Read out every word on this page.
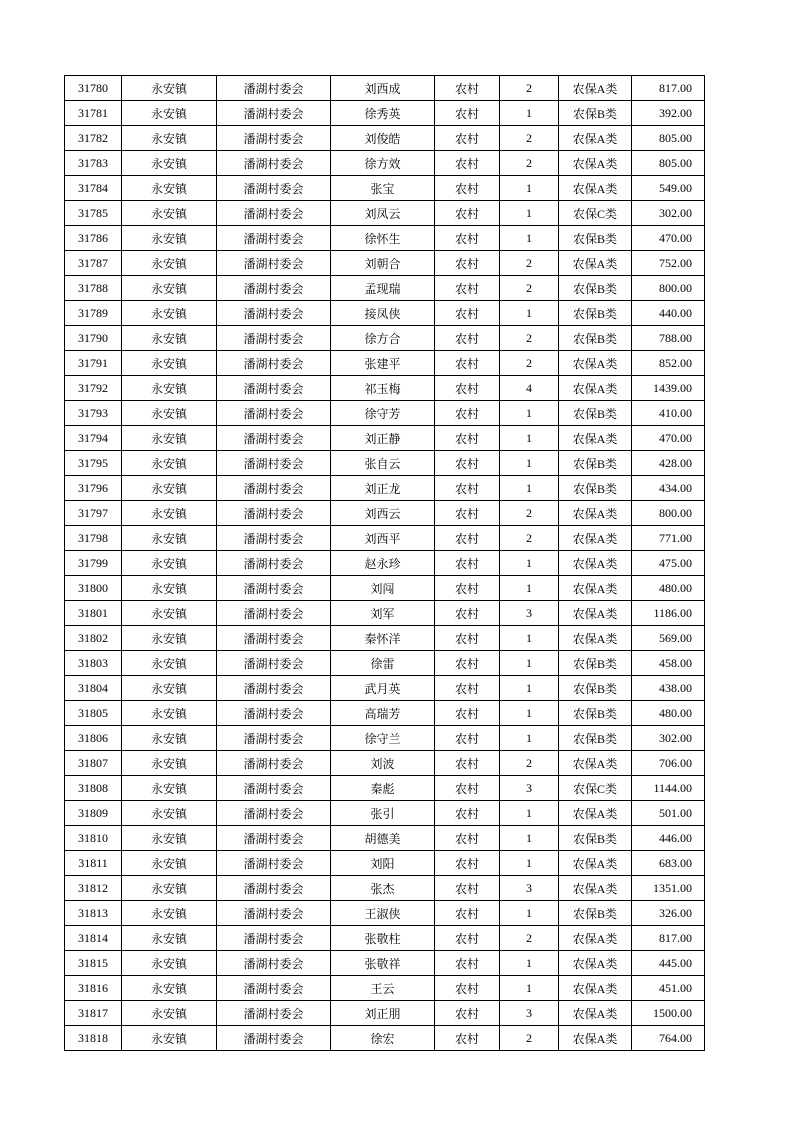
31780	永安镇	潘湖村委会	刘西成	农村	2	农保A类	817.00
31781	永安镇	潘湖村委会	徐秀英	农村	1	农保B类	392.00
31782	永安镇	潘湖村委会	刘俊皓	农村	2	农保A类	805.00
31783	永安镇	潘湖村委会	徐方效	农村	2	农保A类	805.00
31784	永安镇	潘湖村委会	张宝	农村	1	农保A类	549.00
31785	永安镇	潘湖村委会	刘凤云	农村	1	农保C类	302.00
31786	永安镇	潘湖村委会	徐怀生	农村	1	农保B类	470.00
31787	永安镇	潘湖村委会	刘朝合	农村	2	农保A类	752.00
31788	永安镇	潘湖村委会	孟现瑞	农村	2	农保B类	800.00
31789	永安镇	潘湖村委会	接凤侠	农村	1	农保B类	440.00
31790	永安镇	潘湖村委会	徐方合	农村	2	农保B类	788.00
31791	永安镇	潘湖村委会	张建平	农村	2	农保A类	852.00
31792	永安镇	潘湖村委会	祁玉梅	农村	4	农保A类	1439.00
31793	永安镇	潘湖村委会	徐守芳	农村	1	农保B类	410.00
31794	永安镇	潘湖村委会	刘正静	农村	1	农保A类	470.00
31795	永安镇	潘湖村委会	张自云	农村	1	农保B类	428.00
31796	永安镇	潘湖村委会	刘正龙	农村	1	农保B类	434.00
31797	永安镇	潘湖村委会	刘西云	农村	2	农保A类	800.00
31798	永安镇	潘湖村委会	刘西平	农村	2	农保A类	771.00
31799	永安镇	潘湖村委会	赵永珍	农村	1	农保A类	475.00
31800	永安镇	潘湖村委会	刘闯	农村	1	农保A类	480.00
31801	永安镇	潘湖村委会	刘军	农村	3	农保A类	1186.00
31802	永安镇	潘湖村委会	秦怀洋	农村	1	农保A类	569.00
31803	永安镇	潘湖村委会	徐雷	农村	1	农保B类	458.00
31804	永安镇	潘湖村委会	武月英	农村	1	农保B类	438.00
31805	永安镇	潘湖村委会	高瑞芳	农村	1	农保B类	480.00
31806	永安镇	潘湖村委会	徐守兰	农村	1	农保B类	302.00
31807	永安镇	潘湖村委会	刘波	农村	2	农保A类	706.00
31808	永安镇	潘湖村委会	秦彪	农村	3	农保C类	1144.00
31809	永安镇	潘湖村委会	张引	农村	1	农保A类	501.00
31810	永安镇	潘湖村委会	胡德美	农村	1	农保B类	446.00
31811	永安镇	潘湖村委会	刘阳	农村	1	农保A类	683.00
31812	永安镇	潘湖村委会	张杰	农村	3	农保A类	1351.00
31813	永安镇	潘湖村委会	王淑侠	农村	1	农保B类	326.00
31814	永安镇	潘湖村委会	张敬柱	农村	2	农保A类	817.00
31815	永安镇	潘湖村委会	张敬祥	农村	1	农保A类	445.00
31816	永安镇	潘湖村委会	王云	农村	1	农保A类	451.00
31817	永安镇	潘湖村委会	刘正朋	农村	3	农保A类	1500.00
31818	永安镇	潘湖村委会	徐宏	农村	2	农保A类	764.00
